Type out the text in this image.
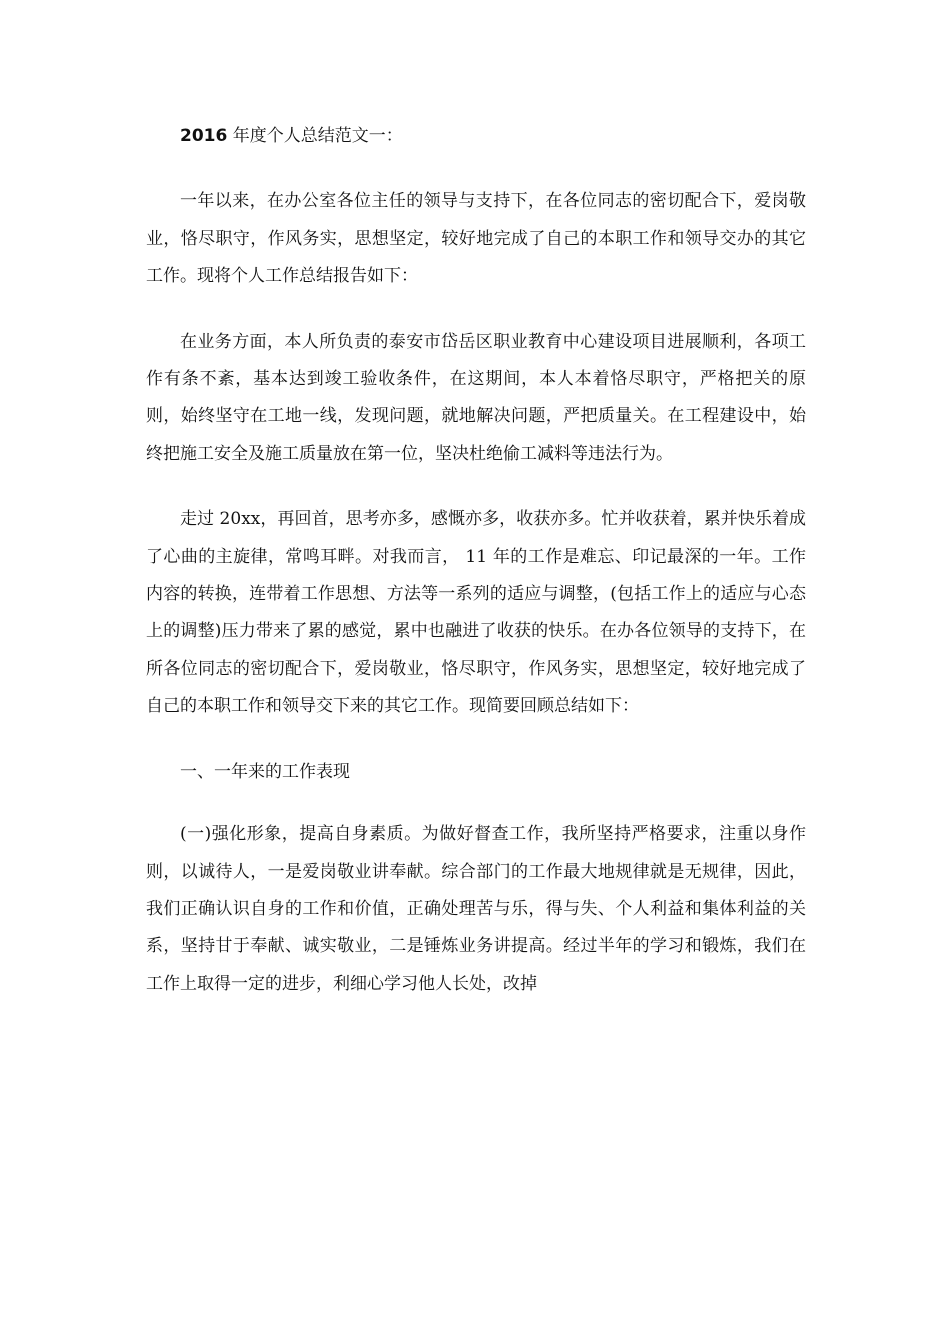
2016 年度个人总结范文一：

一年以来，在办公室各位主任的领导与支持下，在各位同志的密切配合下，爱岗敬业，恪尽职守，作风务实，思想坚定，较好地完成了自己的本职工作和领导交办的其它工作。现将个人工作总结报告如下：

在业务方面，本人所负责的泰安市岱岳区职业教育中心建设项目进展顺利，各项工作有条不紊，基本达到竣工验收条件，在这期间，本人本着恪尽职守，严格把关的原则，始终坚守在工地一线，发现问题，就地解决问题，严把质量关。在工程建设中，始终把施工安全及施工质量放在第一位，坚决杜绝偷工减料等违法行为。

走过 20xx，再回首，思考亦多，感慨亦多，收获亦多。忙并收获着，累并快乐着成了心曲的主旋律，常鸣耳畔。对我而言， 11 年的工作是难忘、印记最深的一年。工作内容的转换，连带着工作思想、方法等一系列的适应与调整，(包括工作上的适应与心态上的调整)压力带来了累的感觉，累中也融进了收获的快乐。在办各位领导的支持下，在所各位同志的密切配合下，爱岗敬业，恪尽职守，作风务实，思想坚定，较好地完成了自己的本职工作和领导交下来的其它工作。现简要回顾总结如下：

一、一年来的工作表现

(一)强化形象，提高自身素质。为做好督查工作，我所坚持严格要求，注重以身作则，以诚待人，一是爱岗敬业讲奉献。综合部门的工作最大地规律就是无规律，因此，我们正确认识自身的工作和价值，正确处理苦与乐，得与失、个人利益和集体利益的关系，坚持甘于奉献、诚实敬业，二是锤炼业务讲提高。经过半年的学习和锻炼，我们在工作上取得一定的进步，利细心学习他人长处，改掉
